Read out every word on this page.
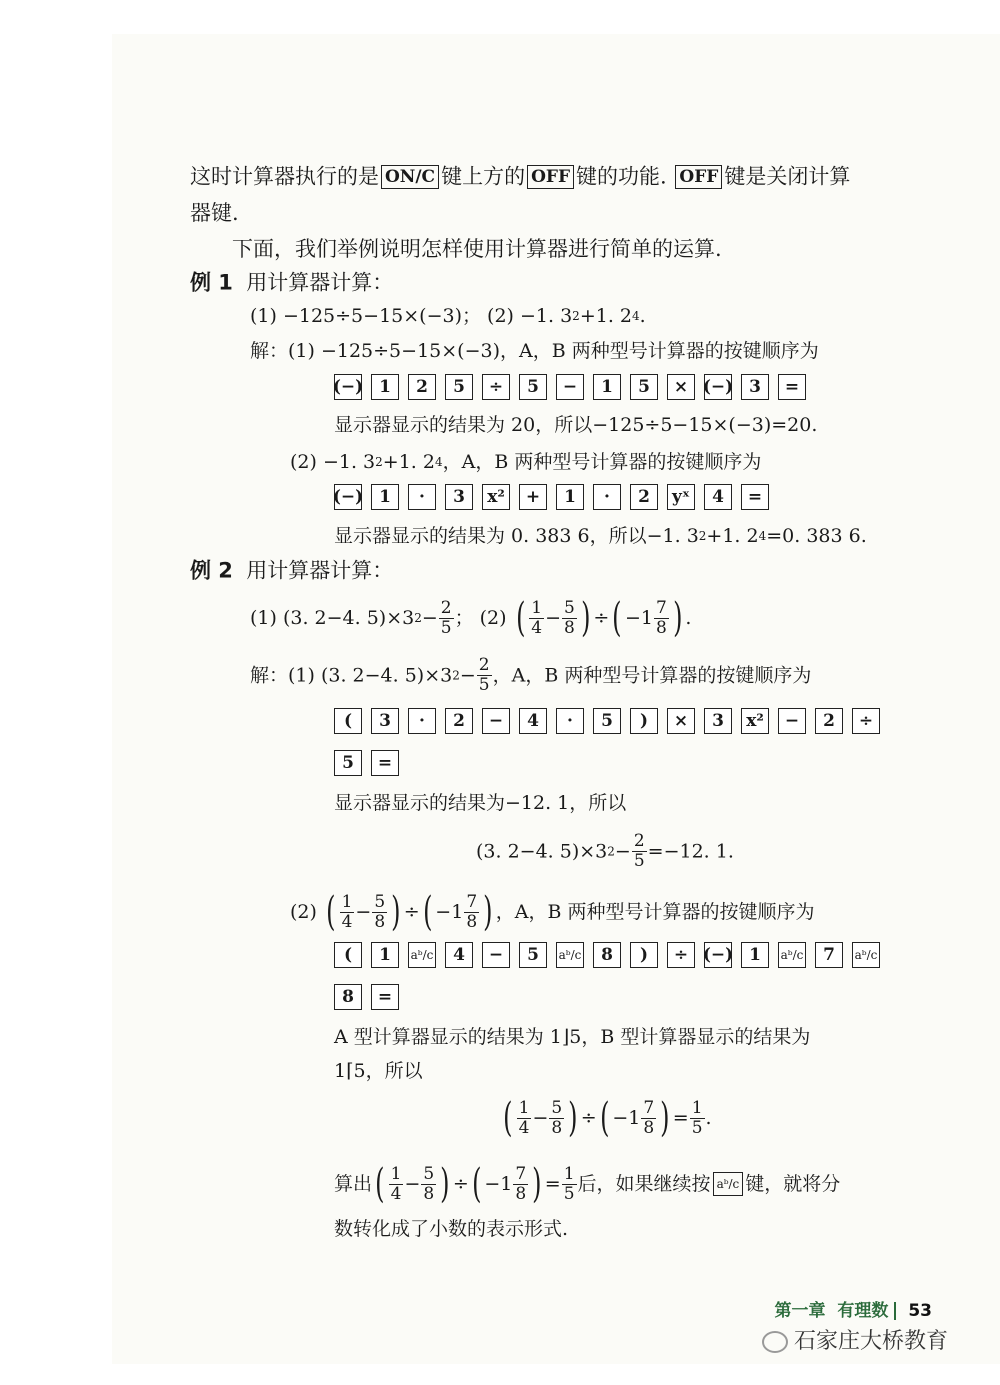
这时计算器执行的是 ON/C 键上方的 OFF 键的功能. OFF 键是关闭计算
器键.
下面，我们举例说明怎样使用计算器进行简单的运算.
例 1 用计算器计算：
(1) −125÷5−15×(−3)； (2) −1. 32+1. 24.
解：(1) −125÷5−15×(−3)，A，B 两种型号计算器的按键顺序为
(−) 1	2	5	÷	5	−	1	5	× (−) 3	=
显示器显示的结果为 20，所以−125÷5−15×(−3)=20.
(2) −1. 32+1. 24，A，B 两种型号计算器的按键顺序为
(−) 1	·	3	x²	+	1	·	2	yˣ	4	=
显示器显示的结果为 0. 383 6，所以−1. 32+1. 24=0. 383 6.
例 2 用计算器计算：
(1) (3. 2−4. $5)\times 32- \frac{2}{5}$ ； (2) ( $\frac{1}{4} - \frac{5}{8}$ ) ÷( $-1 \frac{7}{8}$ ) .
解：(1) (3. 2−4. $5)\times 32- \frac{2}{5}$ ，A，B 两种型号计算器的按键顺序为
(	3	·	2	−	4	·	5	)	×	3	x²	−	2	÷
5	=
显示器显示的结果为−12. 1，所以
(3. 2−4. $5)\times 32- \frac{2}{5} =-12$. 1.
(2) ( $\frac{1}{4} - \frac{5}{8}$ ) ÷( $-1 \frac{7}{8}$ ) ，A，B 两种型号计算器的按键顺序为
(	1	aᵇ/c	4	−	5	aᵇ/c	8	)	÷ (−) 1	aᵇ/c	7	aᵇ/c
8	=
A 型计算器显示的结果为 1⌋5，B 型计算器显示的结果为
1⌈5，所以
( $\frac{1}{4} - \frac{5}{8}$ ) ÷( $-1 \frac{7}{8}$ ) = $\frac{1}{5}$ .
算出( $\frac{1}{4} - \frac{5}{8}$ ) ÷( $-1 \frac{7}{8}$ ) = $\frac{1}{5}$ 后，如果继续按 aᵇ/c 键，就将分
数转化成了小数的表示形式.
第一章 有理数 53
石家庄大桥教育
